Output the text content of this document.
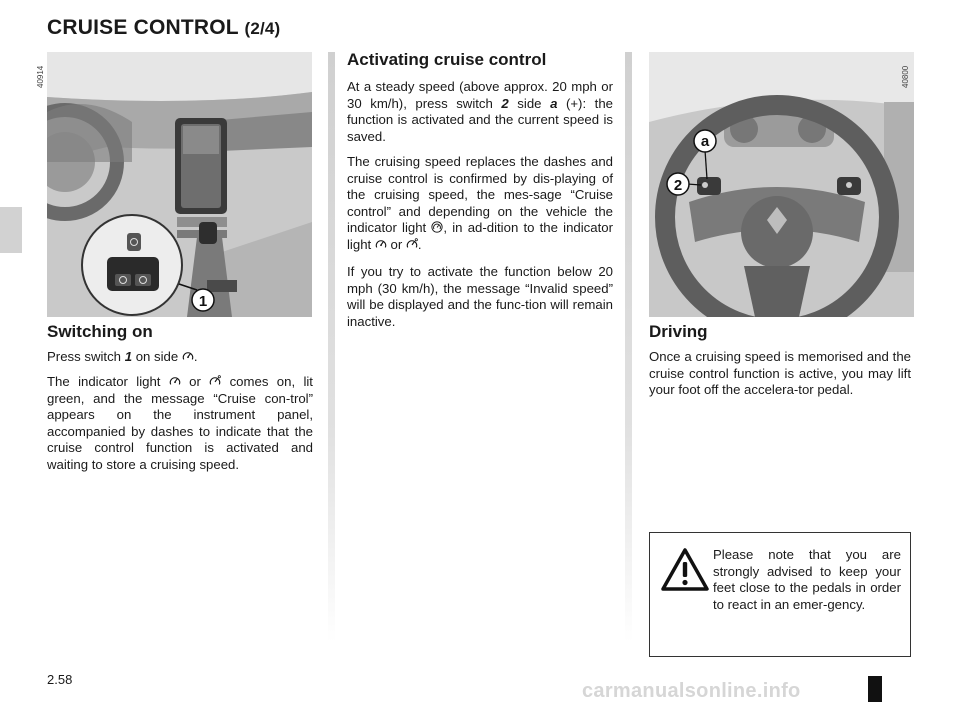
CRUISE CONTROL (2/4)
1
40914
2
a
40800
Switching on

Press switch 1 on side .

The indicator light  or  comes on, lit green, and the message “Cruise con-trol” appears on the instrument panel, accompanied by dashes to indicate that the cruise control function is activated and waiting to store a cruising speed.

Activating cruise control

At a steady speed (above approx. 20 mph or 30 km/h), press switch 2 side a (+): the function is activated and the current speed is saved.

The cruising speed replaces the dashes and cruise control is confirmed by dis-playing of the cruising speed, the mes-sage “Cruise control” and depending on the vehicle the indicator light , in ad-dition to the indicator light  or .

If you try to activate the function below 20 mph (30 km/h), the message “Invalid speed” will be displayed and the func-tion will remain inactive.

Driving

Once a cruising speed is memorised and the cruise control function is active, you may lift your foot off the accelera-tor pedal.

Please note that you are strongly advised to keep your feet close to the pedals in order to react in an emer-gency.

2.58
carmanualsonline.info
